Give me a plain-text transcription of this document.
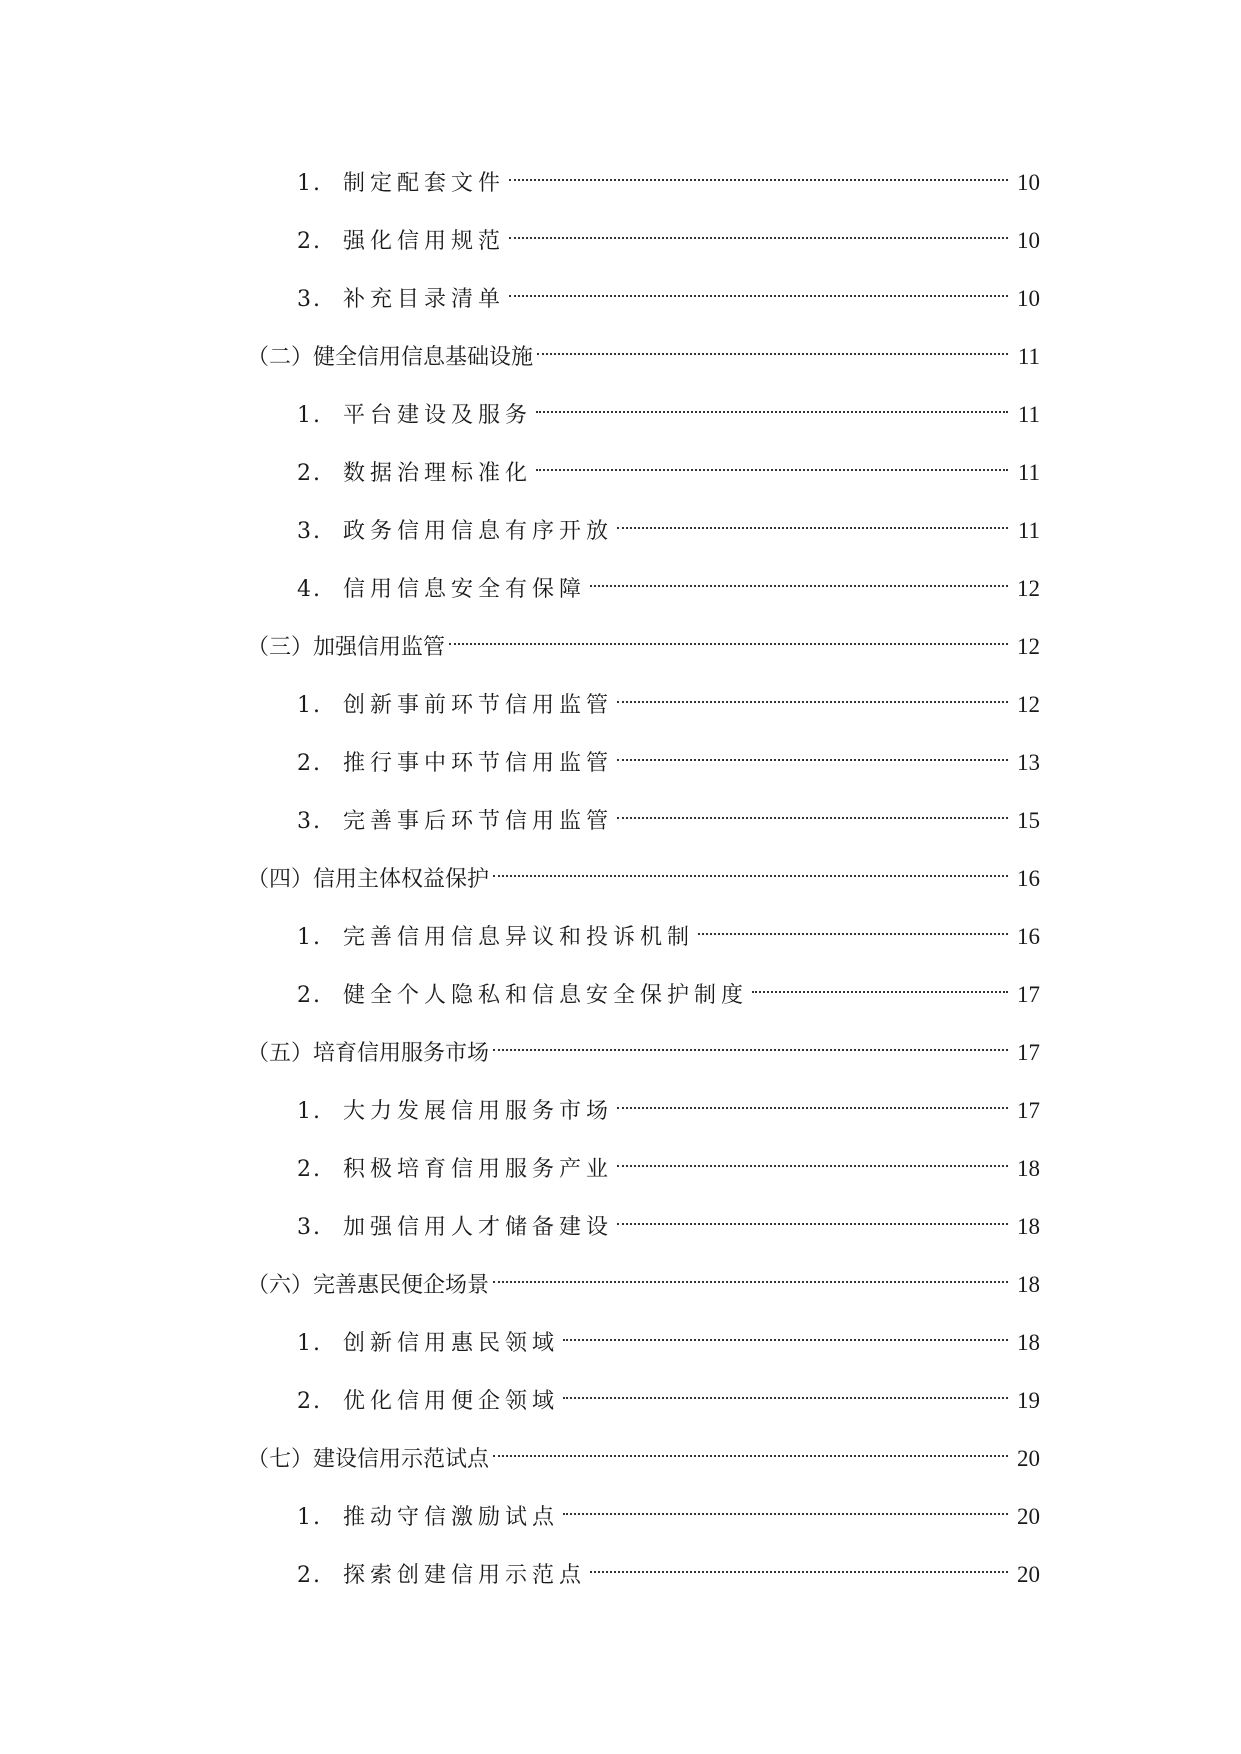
1. 制定配套文件	10
2. 强化信用规范	10
3. 补充目录清单	10
（二）健全信用信息基础设施	11
1. 平台建设及服务	11
2. 数据治理标准化	11
3. 政务信用信息有序开放	11
4. 信用信息安全有保障	12
（三）加强信用监管	12
1. 创新事前环节信用监管	12
2. 推行事中环节信用监管	13
3. 完善事后环节信用监管	15
（四）信用主体权益保护	16
1. 完善信用信息异议和投诉机制	16
2. 健全个人隐私和信息安全保护制度	17
（五）培育信用服务市场	17
1. 大力发展信用服务市场	17
2. 积极培育信用服务产业	18
3. 加强信用人才储备建设	18
（六）完善惠民便企场景	18
1. 创新信用惠民领域	18
2. 优化信用便企领域	19
（七）建设信用示范试点	20
1. 推动守信激励试点	20
2. 探索创建信用示范点	20
